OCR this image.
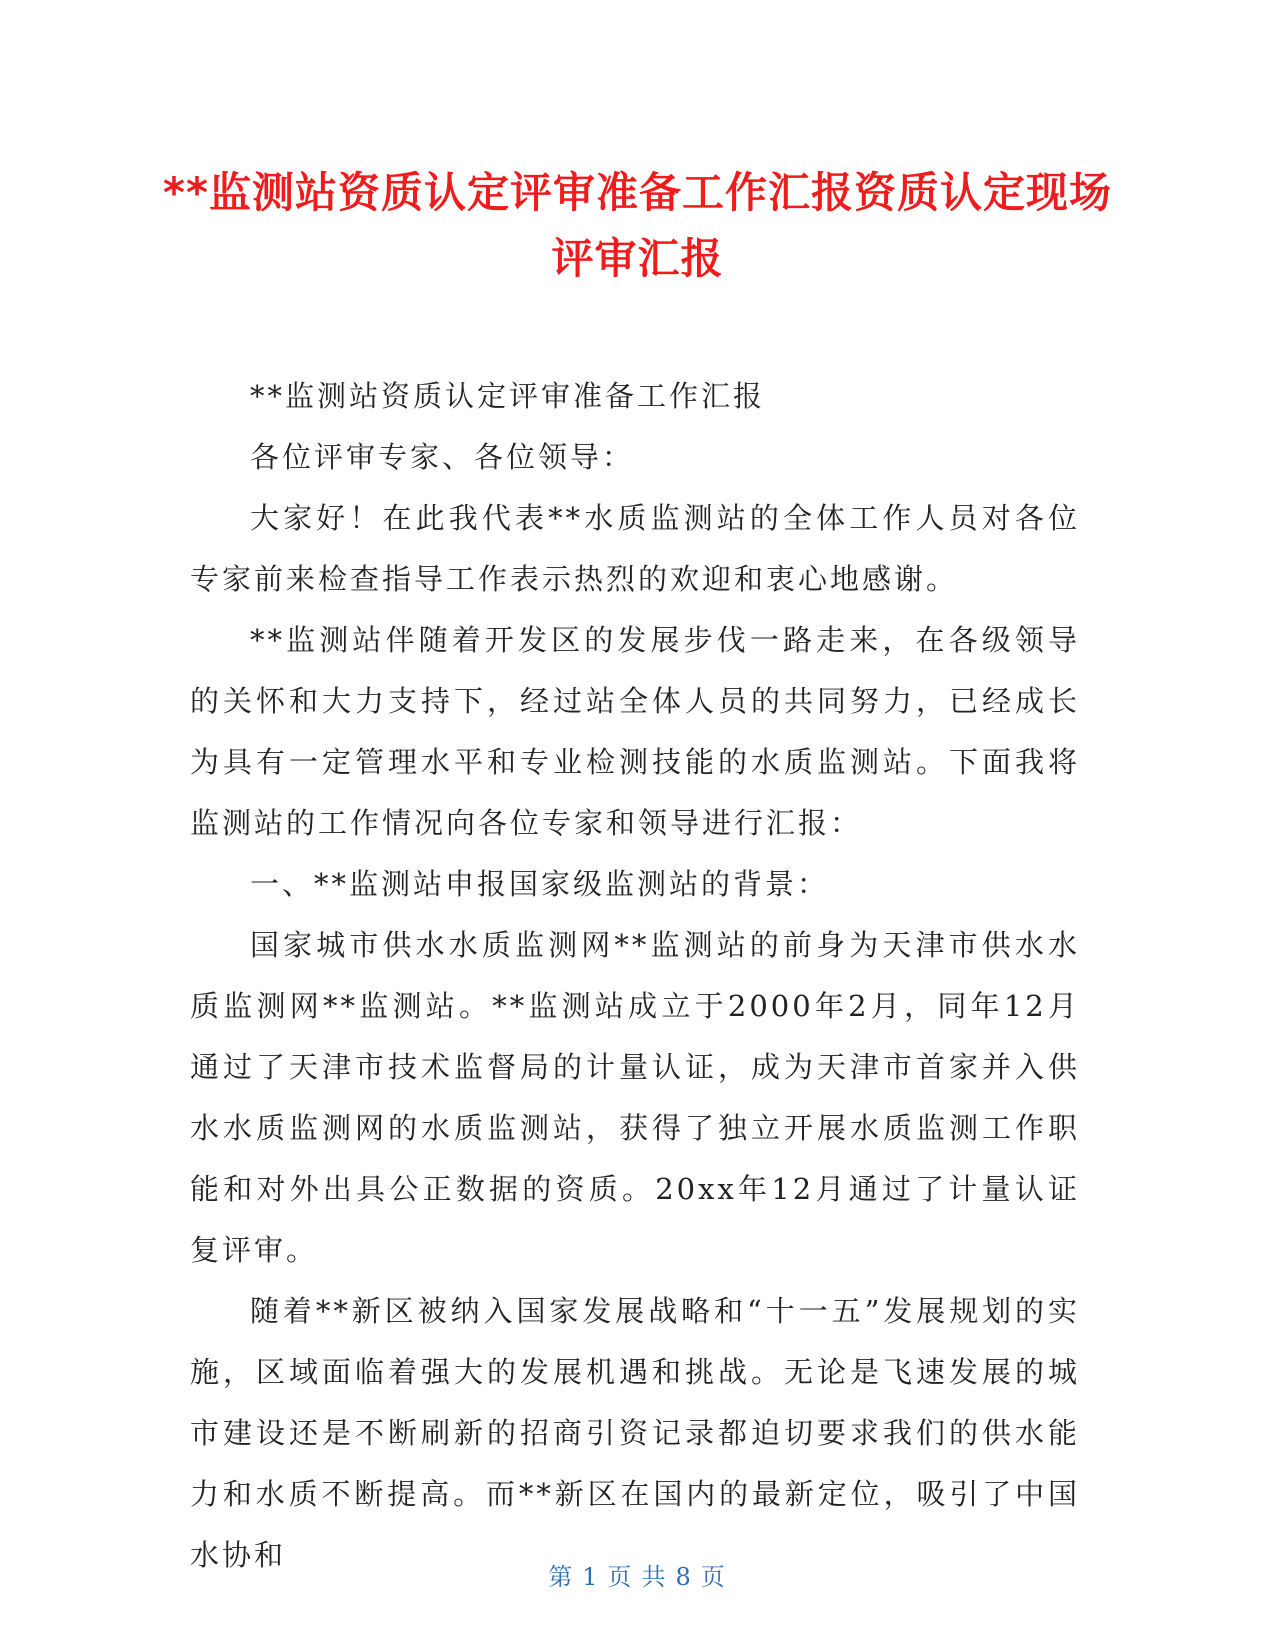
**监测站资质认定评审准备工作汇报资质认定现场评审汇报

**监测站资质认定评审准备工作汇报

各位评审专家、各位领导：

大家好！在此我代表**水质监测站的全体工作人员对各位专家前来检查指导工作表示热烈的欢迎和衷心地感谢。

**监测站伴随着开发区的发展步伐一路走来，在各级领导的关怀和大力支持下，经过站全体人员的共同努力，已经成长为具有一定管理水平和专业检测技能的水质监测站。下面我将监测站的工作情况向各位专家和领导进行汇报：

一、**监测站申报国家级监测站的背景：

国家城市供水水质监测网**监测站的前身为天津市供水水质监测网**监测站。**监测站成立于2000年2月，同年12月通过了天津市技术监督局的计量认证，成为天津市首家并入供水水质监测网的水质监测站，获得了独立开展水质监测工作职能和对外出具公正数据的资质。20xx年12月通过了计量认证复评审。

随着**新区被纳入国家发展战略和“十一五”发展规划的实施，区域面临着强大的发展机遇和挑战。无论是飞速发展的城市建设还是不断刷新的招商引资记录都迫切要求我们的供水能力和水质不断提高。而**新区在国内的最新定位，吸引了中国水协和

第 1 页 共 8 页
